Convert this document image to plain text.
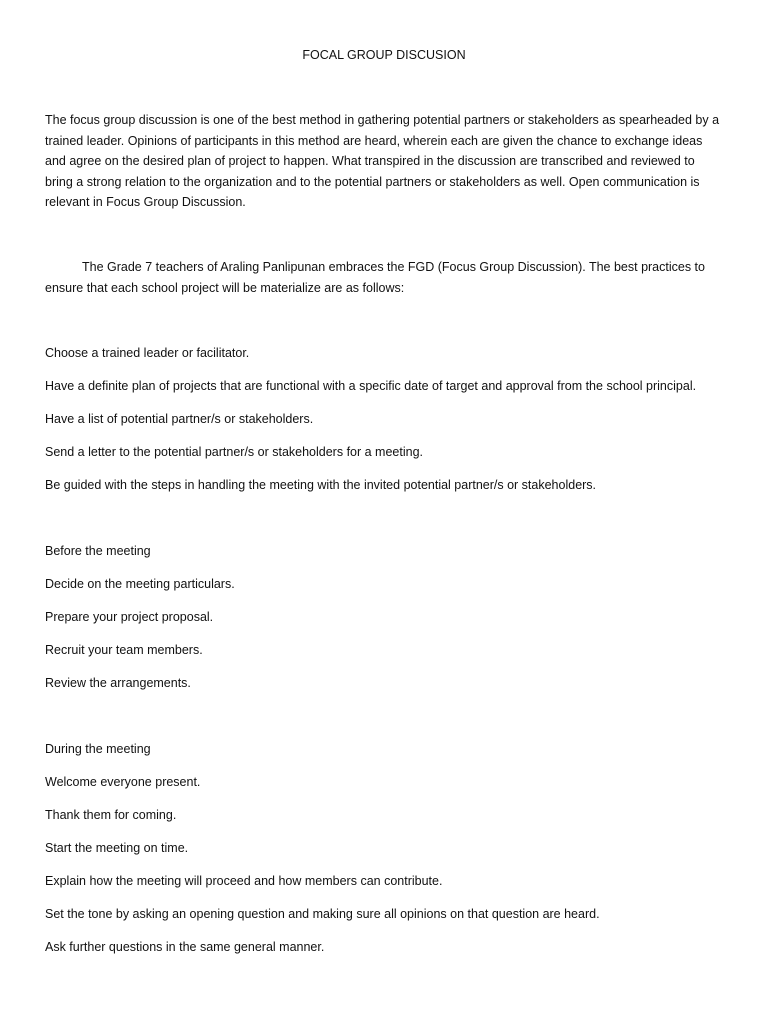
FOCAL GROUP DISCUSION

The focus group discussion is one of the best method in gathering potential partners or stakeholders as spearheaded by a trained leader. Opinions of participants in this method are heard, wherein each are given the chance to exchange ideas and agree on the desired plan of project to happen. What transpired in the discussion are transcribed and reviewed to bring a strong relation to the organization and to the potential partners or stakeholders as well. Open communication is relevant in Focus Group Discussion.

The Grade 7 teachers of Araling Panlipunan embraces the FGD (Focus Group Discussion). The best practices to ensure that each school project will be materialize are as follows:

Choose a trained leader or facilitator.

Have a definite plan of projects that are functional with a specific date of target and approval from the school principal.

Have a list of potential partner/s or stakeholders.

Send a letter to the potential partner/s or stakeholders for a meeting.

Be guided with the steps in handling the meeting with the invited potential partner/s or stakeholders.

Before the meeting

Decide on the meeting particulars.

Prepare your project proposal.

Recruit your team members.

Review the arrangements.

During the meeting

Welcome everyone present.

Thank them for coming.

Start the meeting on time.

Explain how the meeting will proceed and how members can contribute.

Set the tone by asking an opening question and making sure all opinions on that question are heard.

Ask further questions in the same general manner.
